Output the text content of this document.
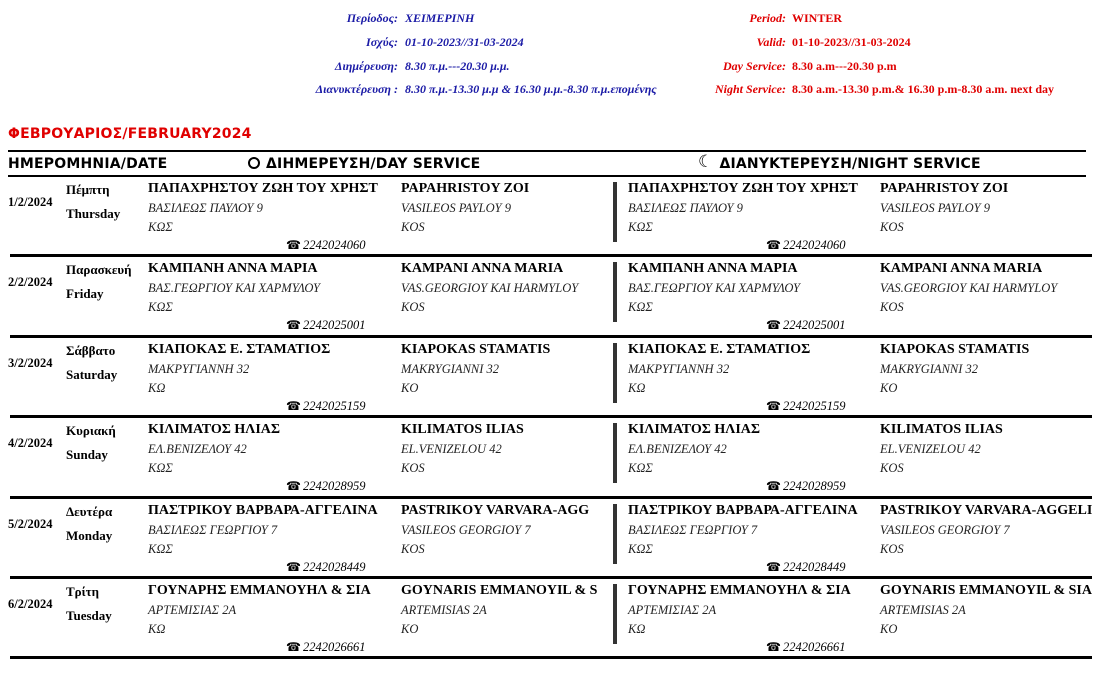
Περίοδος: ΧΕΙΜΕΡΙΝΗ
Ισχύς: 01-10-2023//31-03-2024
Διημέρευση: 8.30 π.μ.---20.30 μ.μ.
Διανυκτέρευση : 8.30 π.μ.-13.30 μ.μ & 16.30 μ.μ.-8.30 π.μ.επομένης
Period: WINTER
Valid: 01-10-2023//31-03-2024
Day Service: 8.30 a.m---20.30 p.m
Night Service: 8.30 a.m.-13.30 p.m.& 16.30 p.m-8.30 a.m. next day
ΦΕΒΡΟΥΑΡΙΟΣ/FEBRUARY2024
ΗΜΕΡΟΜΗΝΙΑ/DATE	ΔΙΗΜΕΡΕΥΣΗ/DAY SERVICE	☾ ΔΙΑΝΥΚΤΕΡΕΥΣΗ/NIGHT SERVICE
1/2/2024
Πέμπτη
Thursday
ΠΑΠΑΧΡΗΣΤΟΥ ΖΩΗ ΤΟΥ ΧΡΗΣΤ
ΒΑΣΙΛΕΩΣ ΠΑΥΛΟΥ 9
ΚΩΣ
PAPAHRISTOY ZOI
VASILEOS PAYLOY 9
KOS
☎ 2242024060
ΠΑΠΑΧΡΗΣΤΟΥ ΖΩΗ ΤΟΥ ΧΡΗΣΤ
ΒΑΣΙΛΕΩΣ ΠΑΥΛΟΥ 9
ΚΩΣ
PAPAHRISTOY ZOI
VASILEOS PAYLOY 9
KOS
☎ 2242024060
2/2/2024
Παρασκευή
Friday
ΚΑΜΠΑΝΗ ΑΝΝΑ ΜΑΡΙΑ
ΒΑΣ.ΓΕΩΡΓΙΟΥ ΚΑΙ ΧΑΡΜΥΛΟΥ
ΚΩΣ
KAMPANI ANNA MARIA
VAS.GEORGIOY KAI HARMYLOY
KOS
☎ 2242025001
ΚΑΜΠΑΝΗ ΑΝΝΑ ΜΑΡΙΑ
ΒΑΣ.ΓΕΩΡΓΙΟΥ ΚΑΙ ΧΑΡΜΥΛΟΥ
ΚΩΣ
KAMPANI ANNA MARIA
VAS.GEORGIOY KAI HARMYLOY
KOS
☎ 2242025001
3/2/2024
Σάββατο
Saturday
ΚΙΑΠΟΚΑΣ Ε. ΣΤΑΜΑΤΙΟΣ
ΜΑΚΡΥΓΙΑΝΝΗ 32
ΚΩ
KIAPOKAS STAMATIS
MAKRYGIANNI 32
KO
☎ 2242025159
ΚΙΑΠΟΚΑΣ Ε. ΣΤΑΜΑΤΙΟΣ
ΜΑΚΡΥΓΙΑΝΝΗ 32
ΚΩ
KIAPOKAS STAMATIS
MAKRYGIANNI 32
KO
☎ 2242025159
4/2/2024
Κυριακή
Sunday
ΚΙΛΙΜΑΤΟΣ ΗΛΙΑΣ
ΕΛ.ΒΕΝΙΖΕΛΟΥ 42
ΚΩΣ
KILIMATOS ILIAS
EL.VENIZELOU 42
KOS
☎ 2242028959
ΚΙΛΙΜΑΤΟΣ ΗΛΙΑΣ
ΕΛ.ΒΕΝΙΖΕΛΟΥ 42
ΚΩΣ
KILIMATOS ILIAS
EL.VENIZELOU 42
KOS
☎ 2242028959
5/2/2024
Δευτέρα
Monday
ΠΑΣΤΡΙΚΟΥ ΒΑΡΒΑΡΑ-ΑΓΓΕΛΙΝΑ
ΒΑΣΙΛΕΩΣ ΓΕΩΡΓΙΟΥ 7
ΚΩΣ
PASTRIKOY VARVARA-AGG
VASILEOS GEORGIOY 7
KOS
☎ 2242028449
ΠΑΣΤΡΙΚΟΥ ΒΑΡΒΑΡΑ-ΑΓΓΕΛΙΝΑ
ΒΑΣΙΛΕΩΣ ΓΕΩΡΓΙΟΥ 7
ΚΩΣ
PASTRIKOY VARVARA-AGGELI
VASILEOS GEORGIOY 7
KOS
☎ 2242028449
6/2/2024
Τρίτη
Tuesday
ΓΟΥΝΑΡΗΣ ΕΜΜΑΝΟΥΗΛ & ΣΙΑ
ΑΡΤΕΜΙΣΙΑΣ 2Α
ΚΩ
GOYNARIS EMMANOYIL & S
ARTEMISIAS 2A
KO
☎ 2242026661
ΓΟΥΝΑΡΗΣ ΕΜΜΑΝΟΥΗΛ & ΣΙΑ
ΑΡΤΕΜΙΣΙΑΣ 2Α
ΚΩ
GOYNARIS EMMANOYIL & SIA
ARTEMISIAS 2A
KO
☎ 2242026661
